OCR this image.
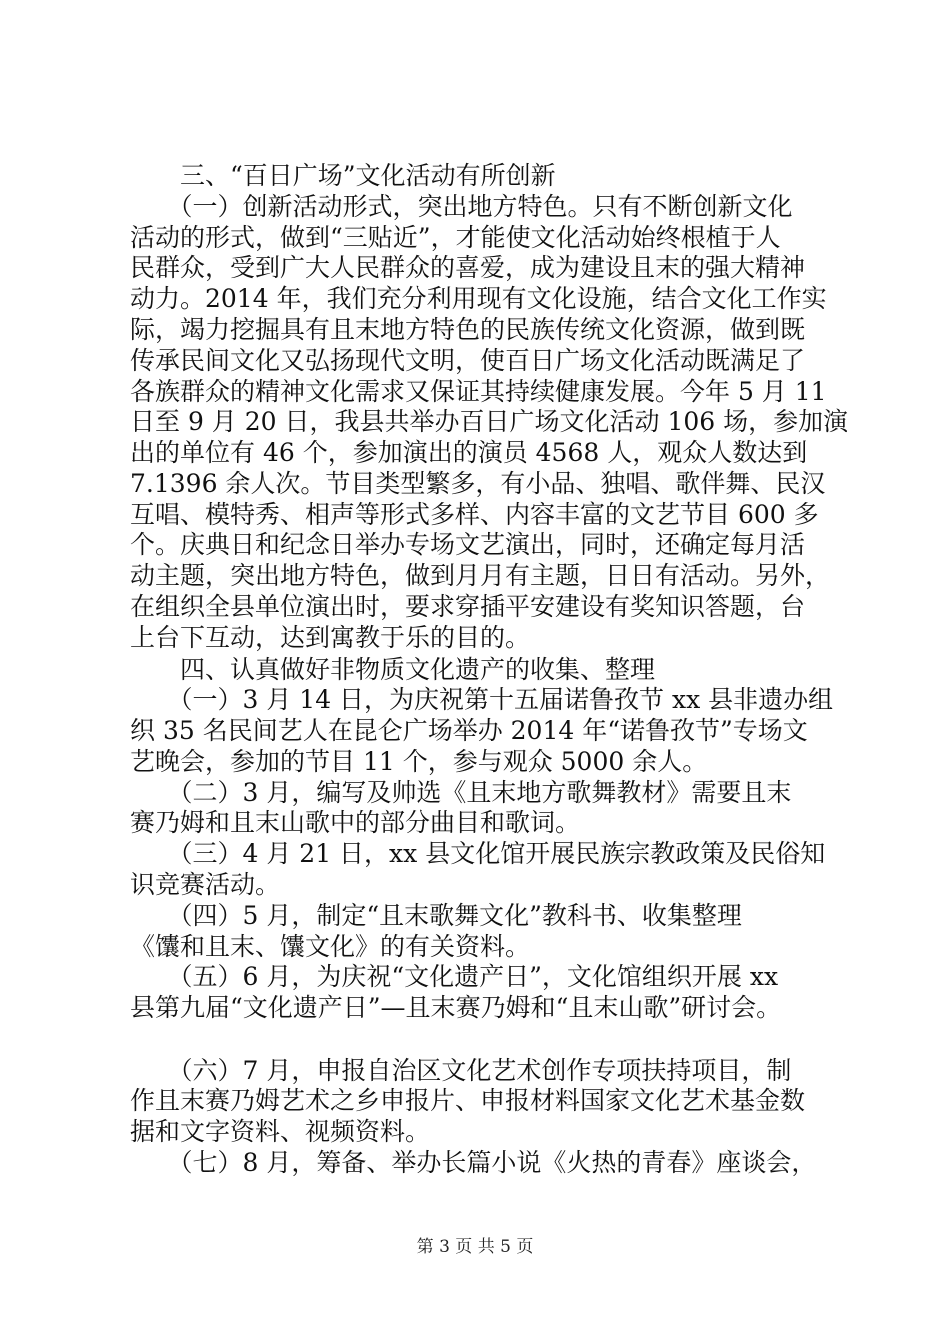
　　三、“百日广场”文化活动有所创新
　　（一）创新活动形式，突出地方特色。只有不断创新文化
活动的形式，做到“三贴近”，才能使文化活动始终根植于人
民群众，受到广大人民群众的喜爱，成为建设且末的强大精神
动力。2014 年，我们充分利用现有文化设施，结合文化工作实
际，竭力挖掘具有且末地方特色的民族传统文化资源，做到既
传承民间文化又弘扬现代文明，使百日广场文化活动既满足了
各族群众的精神文化需求又保证其持续健康发展。今年 5 月 11
日至 9 月 20 日，我县共举办百日广场文化活动 106 场，参加演
出的单位有 46 个，参加演出的演员 4568 人，观众人数达到
7.1396 余人次。节目类型繁多，有小品、独唱、歌伴舞、民汉
互唱、模特秀、相声等形式多样、内容丰富的文艺节目 600 多
个。庆典日和纪念日举办专场文艺演出，同时，还确定每月活
动主题，突出地方特色，做到月月有主题，日日有活动。另外，
在组织全县单位演出时，要求穿插平安建设有奖知识答题，台
上台下互动，达到寓教于乐的目的。
　　四、认真做好非物质文化遗产的收集、整理
　　（一）3 月 14 日，为庆祝第十五届诺鲁孜节 xx 县非遗办组
织 35 名民间艺人在昆仑广场举办 2014 年“诺鲁孜节”专场文
艺晚会，参加的节目 11 个，参与观众 5000 余人。
　　（二）3 月，编写及帅选《且末地方歌舞教材》需要且末
赛乃姆和且末山歌中的部分曲目和歌词。
　　（三）4 月 21 日，xx 县文化馆开展民族宗教政策及民俗知
识竞赛活动。
　　（四）5 月，制定“且末歌舞文化”教科书、收集整理
《馕和且末、馕文化》的有关资料。
　　（五）6 月，为庆祝“文化遗产日”，文化馆组织开展 xx
县第九届“文化遗产日”—且末赛乃姆和“且末山歌”研讨会。
　　（六）7 月，申报自治区文化艺术创作专项扶持项目，制
作且末赛乃姆艺术之乡申报片、申报材料国家文化艺术基金数
据和文字资料、视频资料。
　　（七）8 月，筹备、举办长篇小说《火热的青春》座谈会，
第 3 页 共 5 页
